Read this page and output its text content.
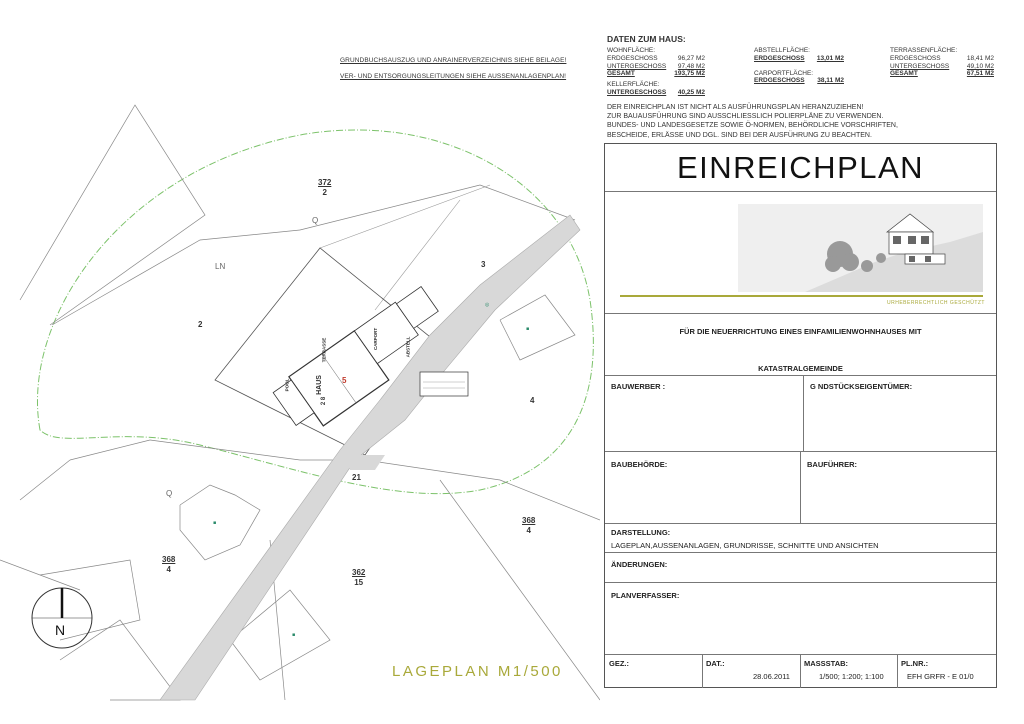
▪
▪
▪
◎
GRUNDBUCHSAUSZUG UND ANRAINERVERZEICHNIS SIEHE BEILAGE!
VER- UND ENTSORGUNGSLEITUNGEN SIEHE AUSSENANLAGENPLAN!
372
2
3
2
4
21
368
4
368
4	362
15
LN
Q
Q
HAUS
2 8
5
POOL
TERRASSE	CARPORT	ABSTELL
N
LAGEPLAN M1/500
DATEN ZUM HAUS:
WOHNFLÄCHE:
ERDGESCHOSS	96,27 M2
UNTERGESCHOSS 97,48 M2
GESAMT	193,75 M2
KELLERFLÄCHE:
UNTERGESCHOSS 40,25 M2
ABSTELLFLÄCHE:
ERDGESCHOSS 13,01 M2
CARPORTFLÄCHE:
ERDGESCHOSS 38,11 M2
TERRASSENFLÄCHE:
ERDGESCHOSS	18,41 M2
UNTERGESCHOSS	49,10 M2
GESAMT	67,51 M2
DER EINREICHPLAN IST NICHT ALS AUSFÜHRUNGSPLAN HERANZUZIEHEN!
ZUR BAUAUSFÜHRUNG SIND AUSSCHLIESSLICH POLIERPLÄNE ZU VERWENDEN.
BUNDES- UND LANDESGESETZE SOWIE Ö-NORMEN, BEHÖRDLICHE VORSCHRIFTEN,
BESCHEIDE, ERLÄSSE UND DGL. SIND BEI DER AUSFÜHRUNG ZU BEACHTEN.
EINREICHPLAN
URHEBERRECHTLICH GESCHÜTZT
FÜR DIE NEUERRICHTUNG EINES EINFAMILIENWOHNHAUSES MIT
KATASTRALGEMEINDE
BAUWERBER :	G NDSTÜCKSEIGENTÜMER:
BAUBEHÖRDE:	BAUFÜHRER:
DARSTELLUNG:
LAGEPLAN,AUSSENANLAGEN, GRUNDRISSE, SCHNITTE UND ANSICHTEN
ÄNDERUNGEN:
PLANVERFASSER:
GEZ.:	DAT.:
28.06.2011
MASSSTAB:
1/500; 1:200; 1:100
PL.NR.:
EFH GRFR - E 01/0
